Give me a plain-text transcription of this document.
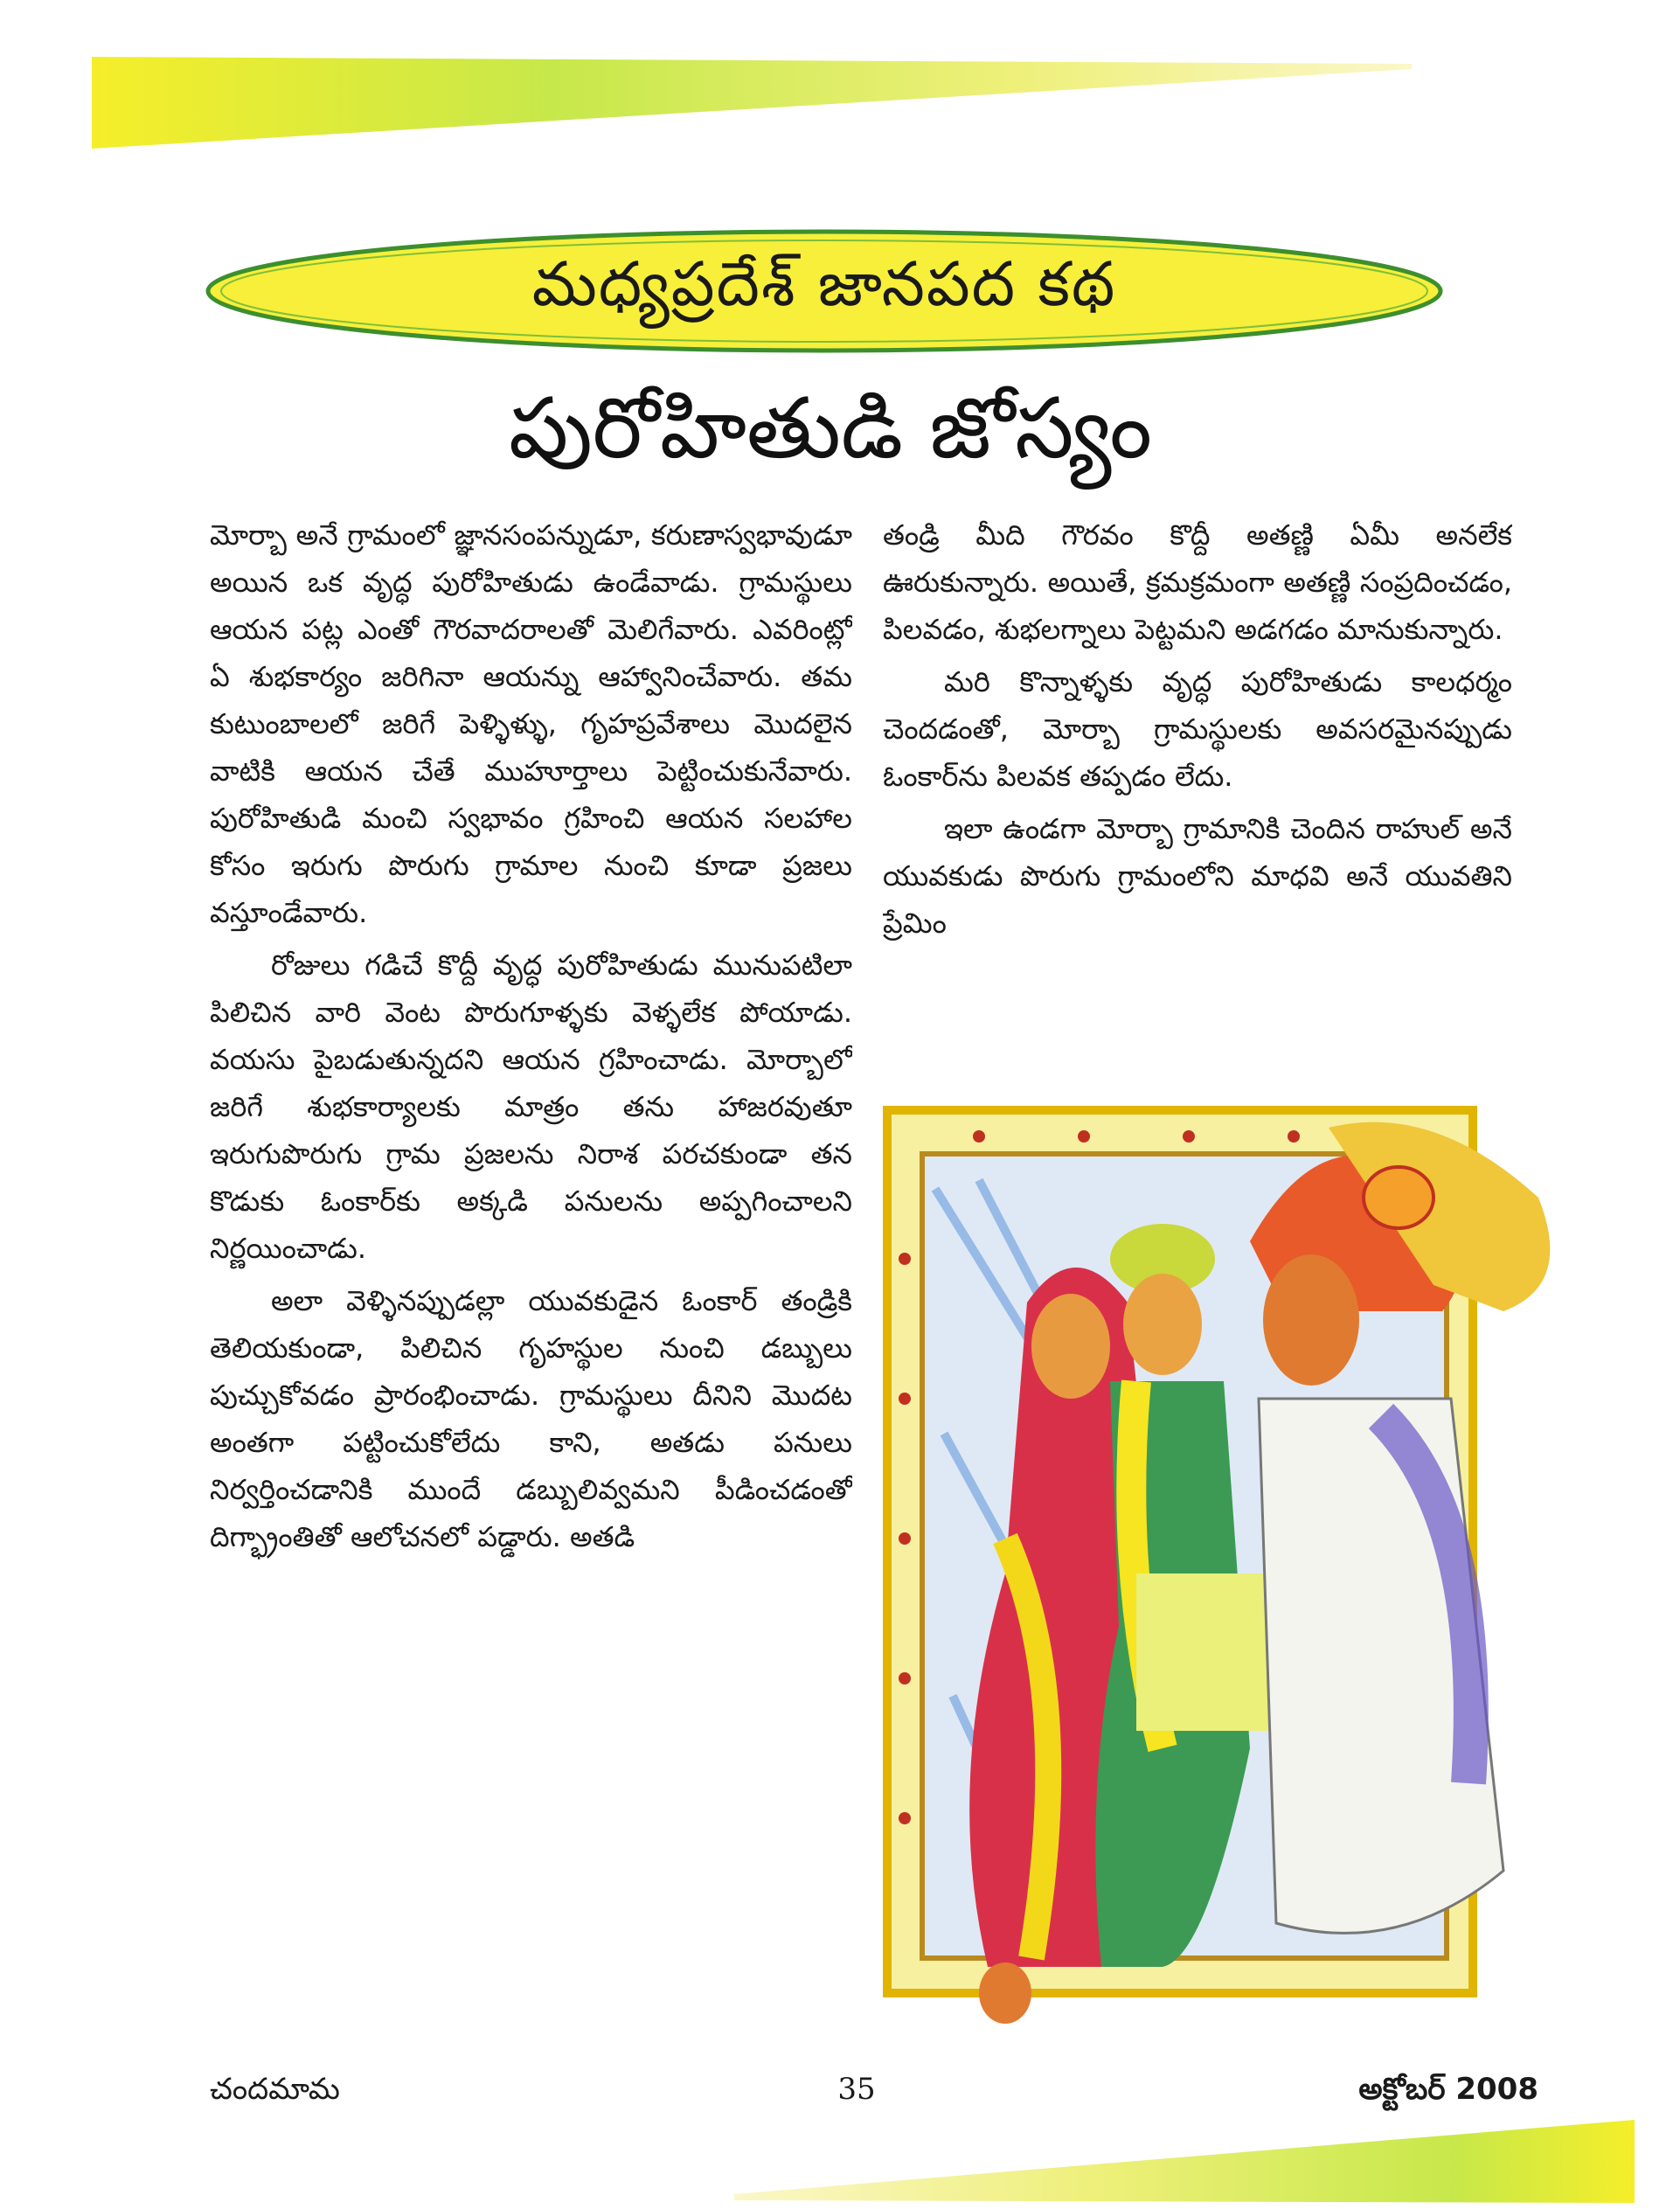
మధ్యప్రదేశ్ జానపద కథ
పురోహితుడి జోస్యం

మోర్బా అనే గ్రామంలో జ్ఞానసంపన్నుడూ, కరుణాస్వభావుడూ అయిన ఒక వృద్ధ పురోహితుడు ఉండేవాడు. గ్రామస్థులు ఆయన పట్ల ఎంతో గౌరవాదరాలతో మెలిగేవారు. ఎవరింట్లో ఏ శుభకార్యం జరిగినా ఆయన్ను ఆహ్వానించేవారు. తమ కుటుంబాలలో జరిగే పెళ్ళిళ్ళు, గృహప్రవేశాలు మొదలైన వాటికి ఆయన చేతే ముహూర్తాలు పెట్టించుకునేవారు. పురోహితుడి మంచి స్వభావం గ్రహించి ఆయన సలహాల కోసం ఇరుగు పొరుగు గ్రామాల నుంచి కూడా ప్రజలు వస్తూండేవారు.

రోజులు గడిచే కొద్దీ వృద్ధ పురోహితుడు మునుపటిలా పిలిచిన వారి వెంట పొరుగూళ్ళకు వెళ్ళలేక పోయాడు. వయసు పైబడుతున్నదని ఆయన గ్రహించాడు. మోర్బాలో జరిగే శుభకార్యాలకు మాత్రం తను హాజరవుతూ ఇరుగుపొరుగు గ్రామ ప్రజలను నిరాశ పరచకుండా తన కొడుకు ఓంకార్‌కు అక్కడి పనులను అప్పగించాలని నిర్ణయించాడు.

అలా వెళ్ళినప్పుడల్లా యువకుడైన ఓంకార్ తండ్రికి తెలియకుండా, పిలిచిన గృహస్థుల నుంచి డబ్బులు పుచ్చుకోవడం ప్రారంభించాడు. గ్రామస్థులు దీనిని మొదట అంతగా పట్టించుకోలేదు కాని, అతడు పనులు నిర్వర్తించడానికి ముందే డబ్బులివ్వమని పీడించడంతో దిగ్భ్రాంతితో ఆలోచనలో పడ్డారు. అతడి

తండ్రి మీది గౌరవం కొద్దీ అతణ్ణి ఏమీ అనలేక ఊరుకున్నారు. అయితే, క్రమక్రమంగా అతణ్ణి సంప్రదించడం, పిలవడం, శుభలగ్నాలు పెట్టమని అడగడం మానుకున్నారు.

మరి కొన్నాళ్ళకు వృద్ధ పురోహితుడు కాలధర్మం చెందడంతో, మోర్బా గ్రామస్థులకు అవసరమైనప్పుడు ఓంకార్‌ను పిలవక తప్పడం లేదు.

ఇలా ఉండగా మోర్బా గ్రామానికి చెందిన రాహుల్ అనే యువకుడు పొరుగు గ్రామంలోని మాధవి అనే యువతిని ప్రేమిం

చందమామ	35	అక్టోబర్ 2008
